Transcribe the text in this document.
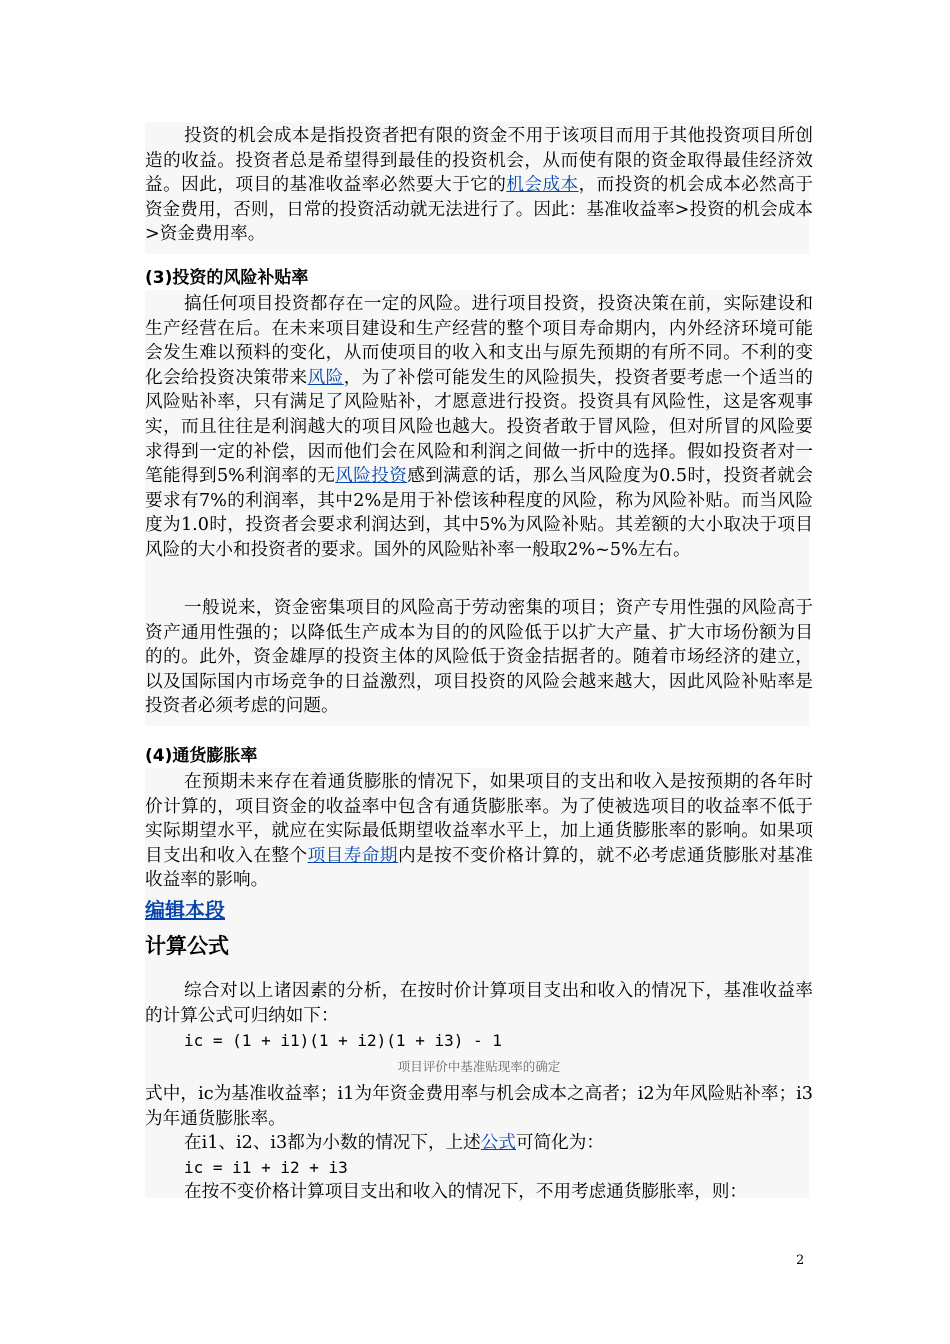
投资的机会成本是指投资者把有限的资金不用于该项目而用于其他投资项目所创造的收益。投资者总是希望得到最佳的投资机会，从而使有限的资金取得最佳经济效益。因此，项目的基准收益率必然要大于它的机会成本，而投资的机会成本必然高于资金费用，否则，日常的投资活动就无法进行了。因此：基准收益率>投资的机会成本>资金费用率。

(3)投资的风险补贴率

搞任何项目投资都存在一定的风险。进行项目投资，投资决策在前，实际建设和生产经营在后。在未来项目建设和生产经营的整个项目寿命期内，内外经济环境可能会发生难以预料的变化，从而使项目的收入和支出与原先预期的有所不同。不利的变化会给投资决策带来风险，为了补偿可能发生的风险损失，投资者要考虑一个适当的风险贴补率，只有满足了风险贴补，才愿意进行投资。投资具有风险性，这是客观事实，而且往往是利润越大的项目风险也越大。投资者敢于冒风险，但对所冒的风险要求得到一定的补偿，因而他们会在风险和利润之间做一折中的选择。假如投资者对一笔能得到5%利润率的无风险投资感到满意的话，那么当风险度为0.5时，投资者就会要求有7%的利润率，其中2%是用于补偿该种程度的风险，称为风险补贴。而当风险度为1.0时，投资者会要求利润达到，其中5%为风险补贴。其差额的大小取决于项目风险的大小和投资者的要求。国外的风险贴补率一般取2%~5%左右。

一般说来，资金密集项目的风险高于劳动密集的项目；资产专用性强的风险高于资产通用性强的；以降低生产成本为目的的风险低于以扩大产量、扩大市场份额为目的的。此外，资金雄厚的投资主体的风险低于资金拮据者的。随着市场经济的建立，以及国际国内市场竞争的日益激烈，项目投资的风险会越来越大，因此风险补贴率是投资者必须考虑的问题。

(4)通货膨胀率

在预期未来存在着通货膨胀的情况下，如果项目的支出和收入是按预期的各年时价计算的，项目资金的收益率中包含有通货膨胀率。为了使被选项目的收益率不低于实际期望水平，就应在实际最低期望收益率水平上，加上通货膨胀率的影响。如果项目支出和收入在整个项目寿命期内是按不变价格计算的，就不必考虑通货膨胀对基准收益率的影响。

编辑本段

计算公式

综合对以上诸因素的分析，在按时价计算项目支出和收入的情况下，基准收益率的计算公式可归纳如下：

ic = (1 + i1)(1 + i2)(1 + i3) - 1

项目评价中基准贴现率的确定

式中，ic为基准收益率；i1为年资金费用率与机会成本之高者；i2为年风险贴补率；i3为年通货膨胀率。

在i1、i2、i3都为小数的情况下，上述公式可简化为：

ic = i1 + i2 + i3

在按不变价格计算项目支出和收入的情况下，不用考虑通货膨胀率，则：

2
